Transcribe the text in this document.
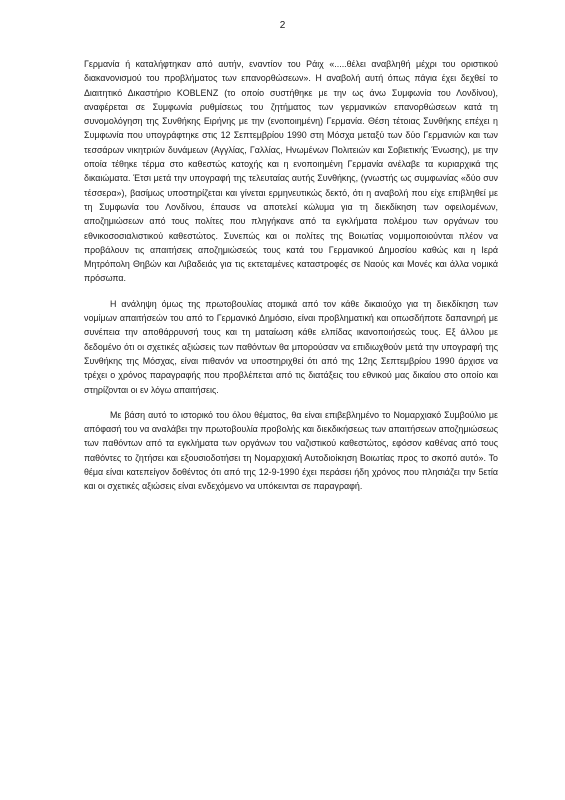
2

Γερμανία ή καταλήφτηκαν από αυτήν, εναντίον του Ράιχ «.....θέλει αναβληθή μέχρι του οριστικού διακανονισμού του προβλήματος των επανορθώσεων». Η αναβολή αυτή όπως πάγια έχει δεχθεί το Διαιτητικό Δικαστήριο KOBLENZ (το οποίο συστήθηκε με την ως άνω Συμφωνία του Λονδίνου), αναφέρεται σε Συμφωνία ρυθμίσεως του ζητήματος των γερμανικών επανορθώσεων κατά τη συνομολόγηση της Συνθήκης Ειρήνης με την (ενοποιημένη) Γερμανία. Θέση τέτοιας Συνθήκης επέχει η Συμφωνία που υπογράφτηκε στις 12 Σεπτεμβρίου 1990 στη Μόσχα μεταξύ των δύο Γερμανιών και των τεσσάρων νικητριών δυνάμεων (Αγγλίας, Γαλλίας, Ηνωμένων Πολιτειών και Σοβιετικής Ένωσης), με την οποία τέθηκε τέρμα στο καθεστώς κατοχής και η ενοποιημένη Γερμανία ανέλαβε τα κυριαρχικά της δικαιώματα. Έτσι μετά την υπογραφή της τελευταίας αυτής Συνθήκης, (γνωστής ως συμφωνίας «δύο συν τέσσερα»), βασίμως υποστηρίζεται και γίνεται ερμηνευτικώς δεκτό, ότι η αναβολή που είχε επιβληθεί με τη Συμφωνία του Λονδίνου, έπαυσε να αποτελεί κώλυμα για τη διεκδίκηση των οφειλομένων, αποζημιώσεων από τους πολίτες που πληγήκανε από τα εγκλήματα πολέμου των οργάνων του εθνικοσοσιαλιστικού καθεστώτος. Συνεπώς και οι πολίτες της Βοιωτίας νομιμοποιούνται πλέον να προβάλουν τις απαιτήσεις αποζημιώσεώς τους κατά του Γερμανικού Δημοσίου καθώς και η Ιερά Μητρόπολη Θηβών και Λιβαδειάς για τις εκτεταμένες καταστροφές σε Ναούς και Μονές και άλλα νομικά πρόσωπα.

Η ανάληψη όμως της πρωτοβουλίας ατομικά από τον κάθε δικαιούχο για τη διεκδίκηση των νομίμων απαιτήσεών του από το Γερμανικό Δημόσιο, είναι προβληματική και οπωσδήποτε δαπανηρή με συνέπεια την αποθάρρυνσή τους και τη ματαίωση κάθε ελπίδας ικανοποιήσεώς τους. Εξ άλλου με δεδομένο ότι οι σχετικές αξιώσεις των παθόντων θα μπορούσαν να επιδιωχθούν μετά την υπογραφή της Συνθήκης της Μόσχας, είναι πιθανόν να υποστηριχθεί ότι από της 12ης Σεπτεμβρίου 1990 άρχισε να τρέχει ο χρόνος παραγραφής που προβλέπεται από τις διατάξεις του εθνικού μας δικαίου στο οποίο και στηρίζονται οι εν λόγω απαιτήσεις.

Με βάση αυτό το ιστορικό του όλου θέματος, θα είναι επιβεβλημένο το Νομαρχιακό Συμβούλιο με απόφασή του να αναλάβει την πρωτοβουλία προβολής και διεκδικήσεως των απαιτήσεων αποζημιώσεως των παθόντων από τα εγκλήματα των οργάνων του ναζιστικού καθεστώτος, εφόσον καθένας από τους παθόντες το ζητήσει και εξουσιοδοτήσει τη Νομαρχιακή Αυτοδιοίκηση Βοιωτίας προς το σκοπό αυτό». Το θέμα είναι κατεπείγον δοθέντος ότι από της 12-9-1990 έχει περάσει ήδη χρόνος που πλησιάζει την 5ετία και οι σχετικές αξιώσεις είναι ενδεχόμενο να υπόκεινται σε παραγραφή.
